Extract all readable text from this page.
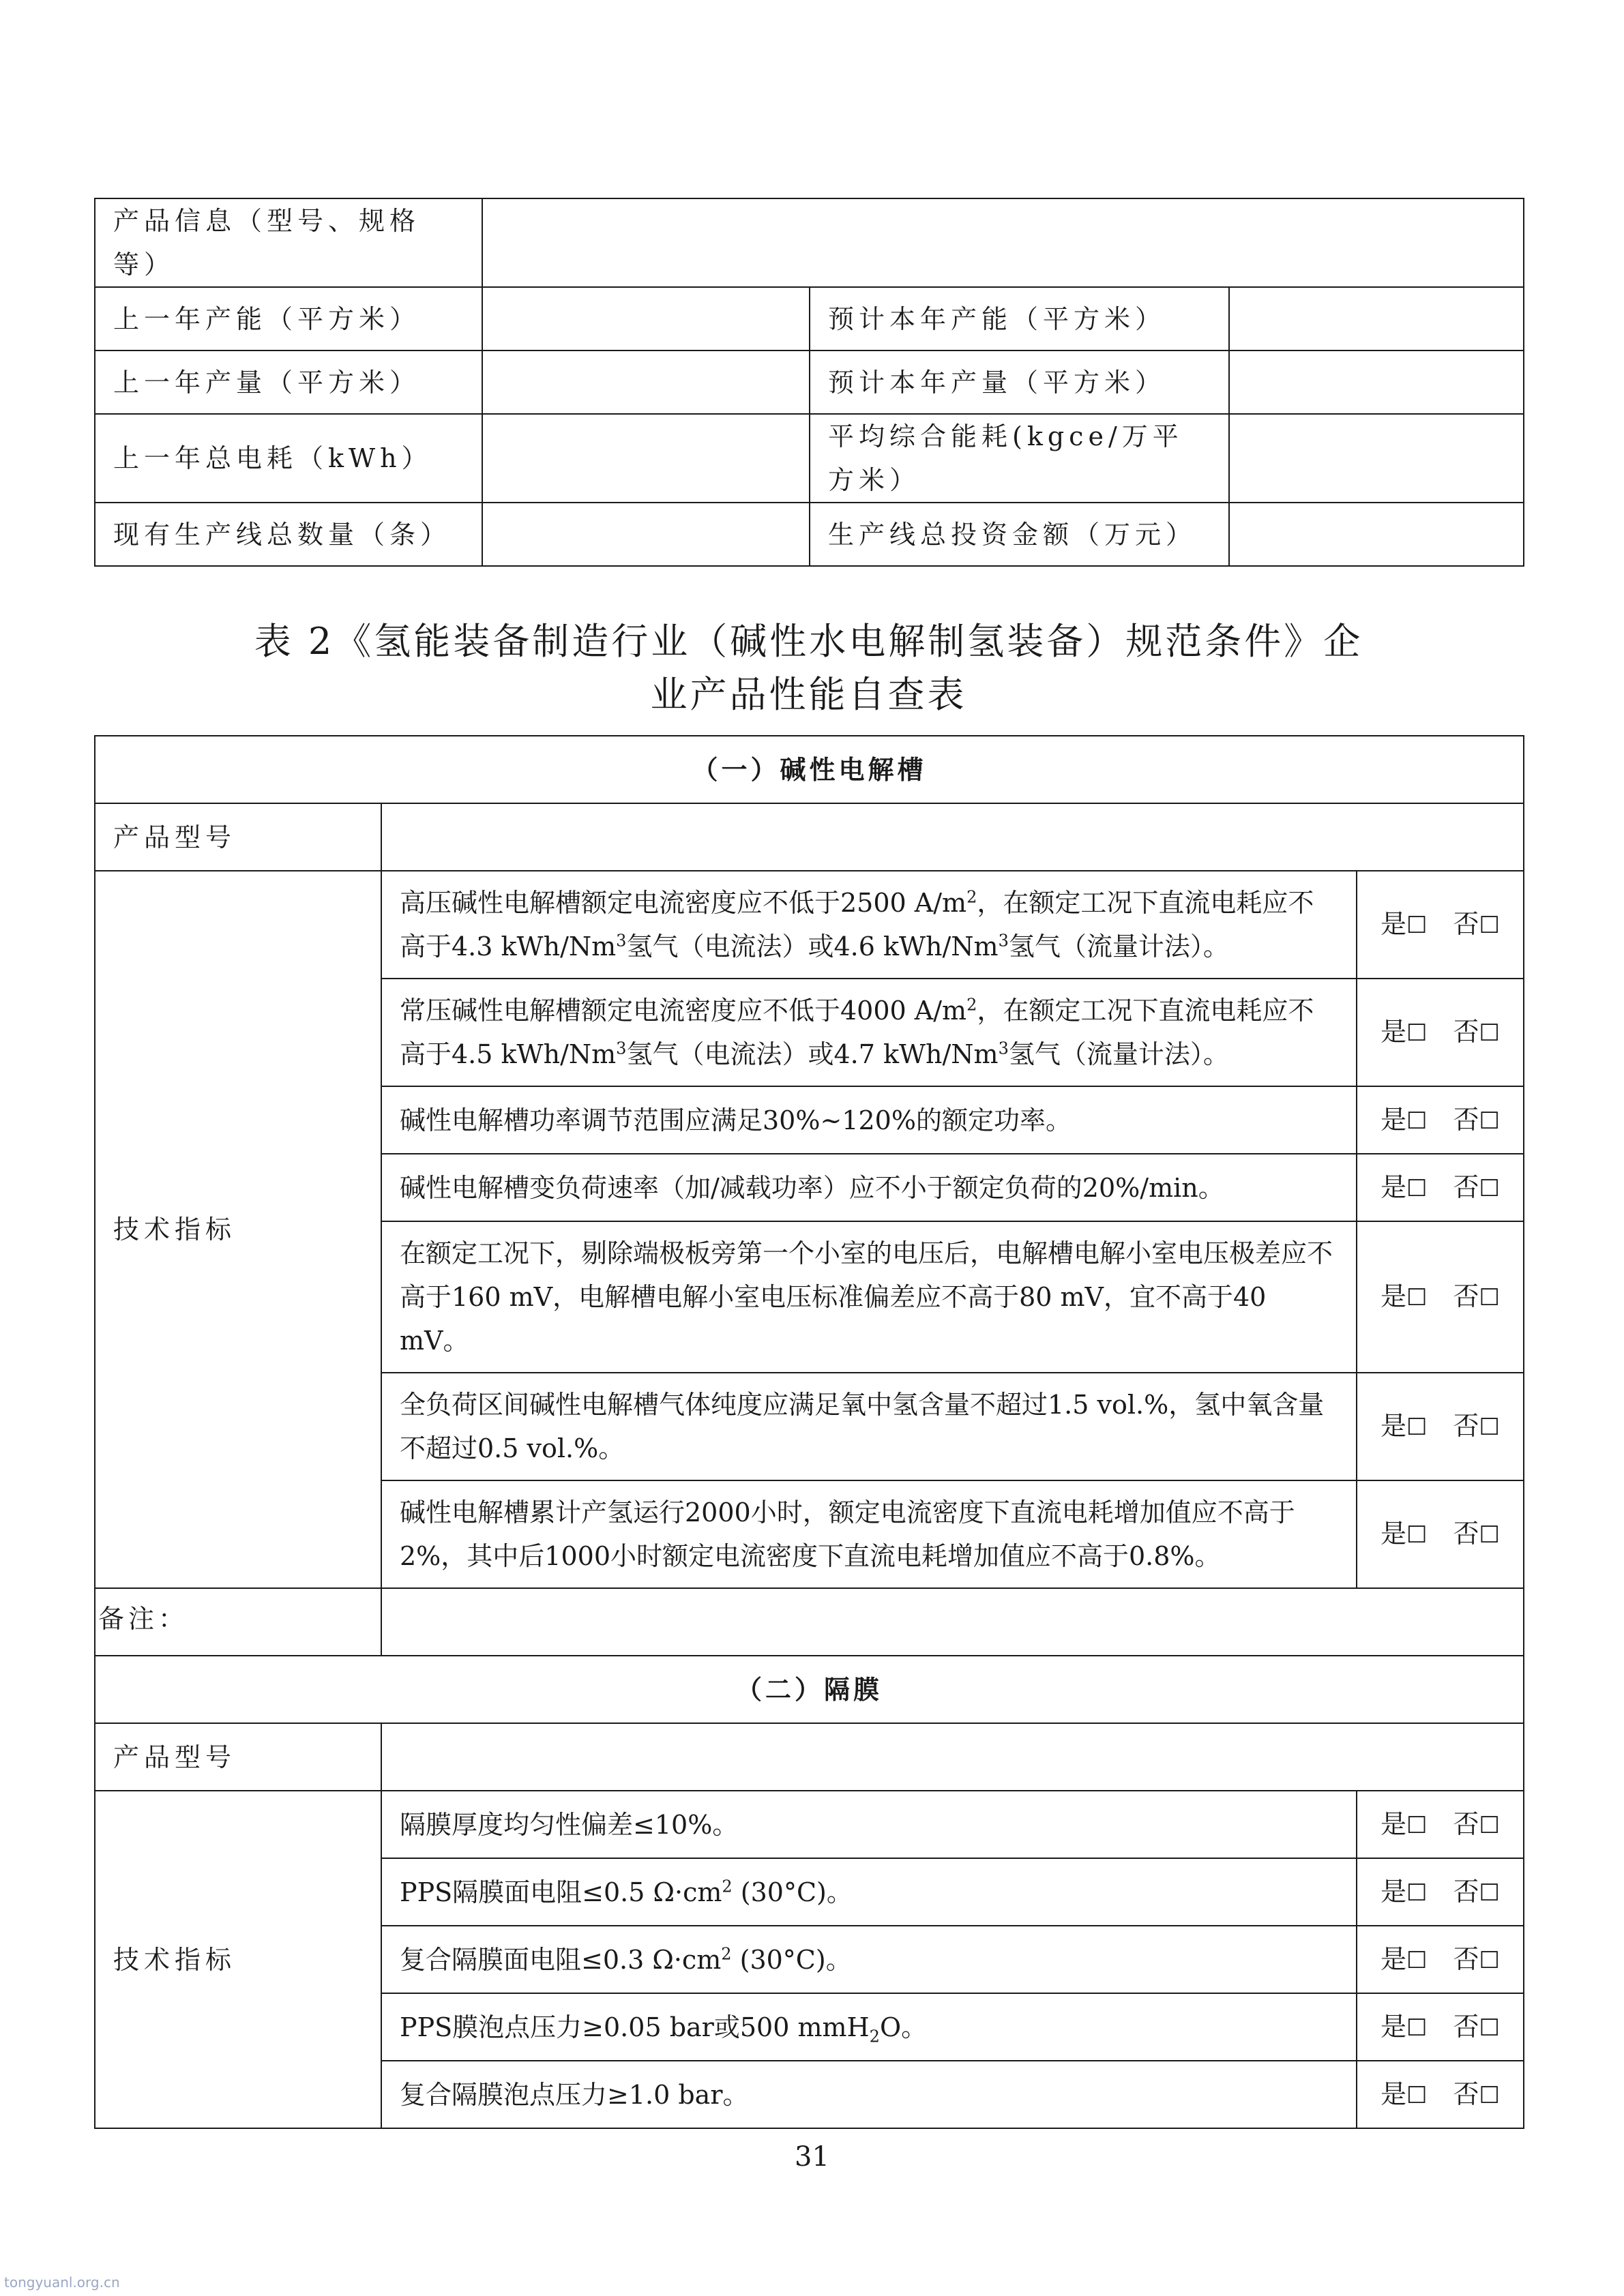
产品信息（型号、规格等）			
上一年产能（平方米）		预计本年产能（平方米）	
上一年产量（平方米）		预计本年产量（平方米）	
上一年总电耗（kWh）		平均综合能耗(kgce/万平方米）	
现有生产线总数量（条）		生产线总投资金额（万元）	
表 2《氢能装备制造行业（碱性水电解制氢装备）规范条件》企
业产品性能自查表
（一）碱性电解槽		
产品型号		
技术指标	高压碱性电解槽额定电流密度应不低于2500 $A/m^2$，在额定工况下直流电耗应不高于4.3 kWh/Nm$^3$氢气（电流法）或4.6 kWh/Nm$^3$氢气（流量计法）。	是☐ 否☐
	常压碱性电解槽额定电流密度应不低于4000 $A/m^2$，在额定工况下直流电耗应不高于4.5 kWh/Nm$^3$氢气（电流法）或4.7 kWh/Nm$^3$氢气（流量计法）。	是☐ 否☐
	碱性电解槽功率调节范围应满足30%~120%的额定功率。	是☐ 否☐
	碱性电解槽变负荷速率（加/减载功率）应不小于额定负荷的20%/min。	是☐ 否☐
	在额定工况下，剔除端极板旁第一个小室的电压后，电解槽电解小室电压极差应不高于160 mV，电解槽电解小室电压标准偏差应不高于80 mV，宜不高于40 mV。	是☐ 否☐
	全负荷区间碱性电解槽气体纯度应满足氧中氢含量不超过1.5 vol.%，氢中氧含量不超过0.5 vol.%。	是☐ 否☐
	碱性电解槽累计产氢运行2000小时，额定电流密度下直流电耗增加值应不高于2%，其中后1000小时额定电流密度下直流电耗增加值应不高于0.8%。	是☐ 否☐
备注：		
（二）隔膜		
产品型号		
技术指标	隔膜厚度均匀性偏差≤10%。	是☐ 否☐
	PPS隔膜面电阻≤0.5 $\Omega\cdot cm^2$ (30°C)。	是☐ 否☐
	复合隔膜面电阻≤0.3 $\Omega\cdot cm^2$ (30°C)。	是☐ 否☐
	PPS膜泡点压力≥0.05 bar或500 mmH$_2$O。	是☐ 否☐
	复合隔膜泡点压力≥1.0 bar。	是☐ 否☐
31
tongyuanl.org.cn
